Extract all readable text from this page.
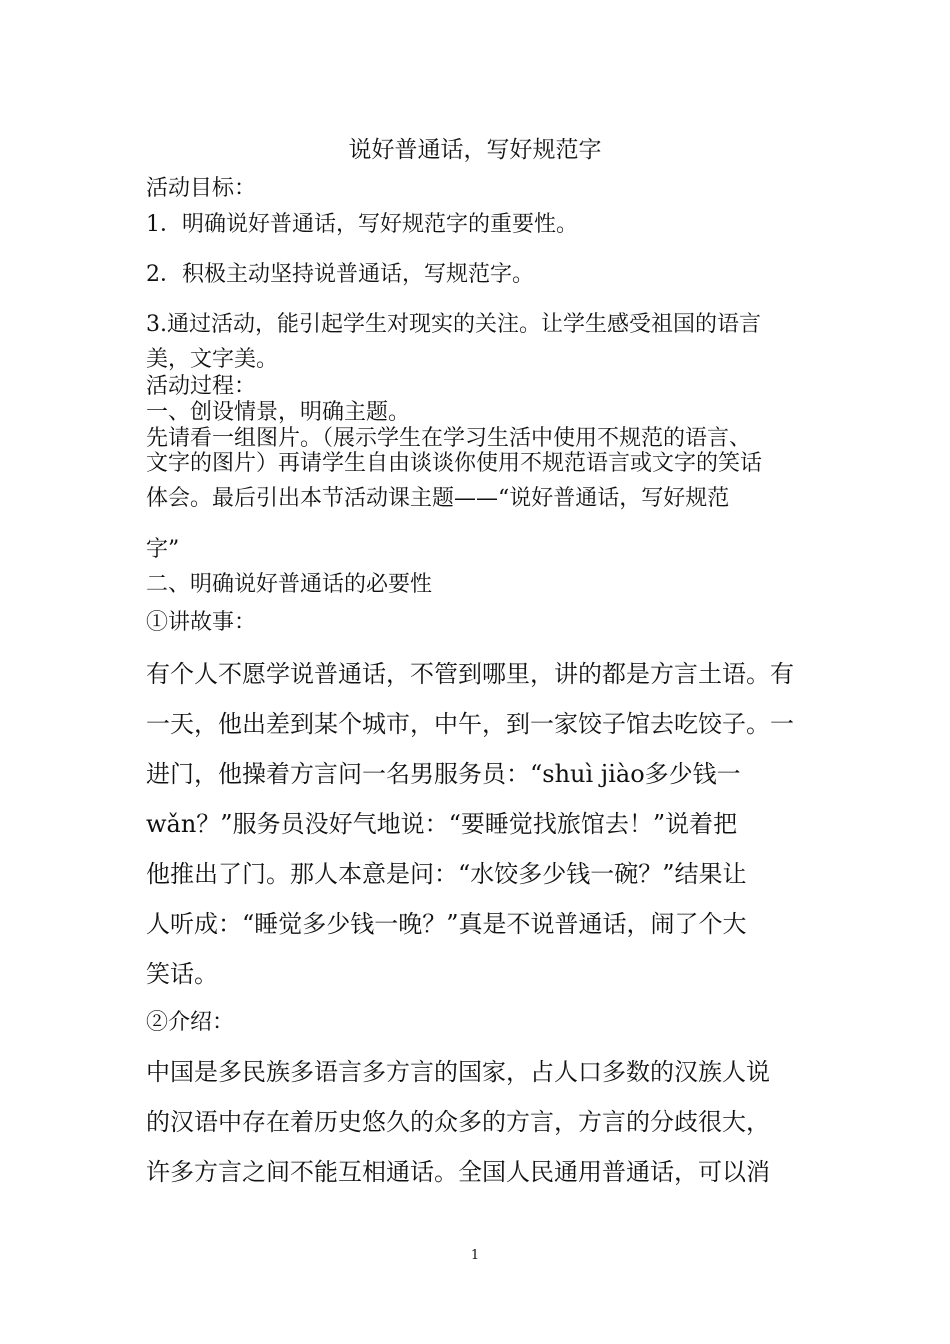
说好普通话，写好规范字
活动目标：
1．明确说好普通话，写好规范字的重要性。
2．积极主动坚持说普通话，写规范字。
3.通过活动，能引起学生对现实的关注。让学生感受祖国的语言
美，文字美。
活动过程：
一、创设情景，明确主题。
先请看一组图片。（展示学生在学习生活中使用不规范的语言、
文字的图片）再请学生自由谈谈你使用不规范语言或文字的笑话
体会。最后引出本节活动课主题——“说好普通话，写好规范
字”
二、明确说好普通话的必要性
①讲故事：
有个人不愿学说普通话，不管到哪里，讲的都是方言土语。有
一天，他出差到某个城市，中午，到一家饺子馆去吃饺子。一
进门，他操着方言问一名男服务员：“shuì jiào多少钱一
wǎn？”服务员没好气地说：“要睡觉找旅馆去！”说着把
他推出了门。那人本意是问：“水饺多少钱一碗？”结果让
人听成：“睡觉多少钱一晚？”真是不说普通话，闹了个大
笑话。
②介绍：
中国是多民族多语言多方言的国家，占人口多数的汉族人说
的汉语中存在着历史悠久的众多的方言，方言的分歧很大，
许多方言之间不能互相通话。全国人民通用普通话，可以消
1
